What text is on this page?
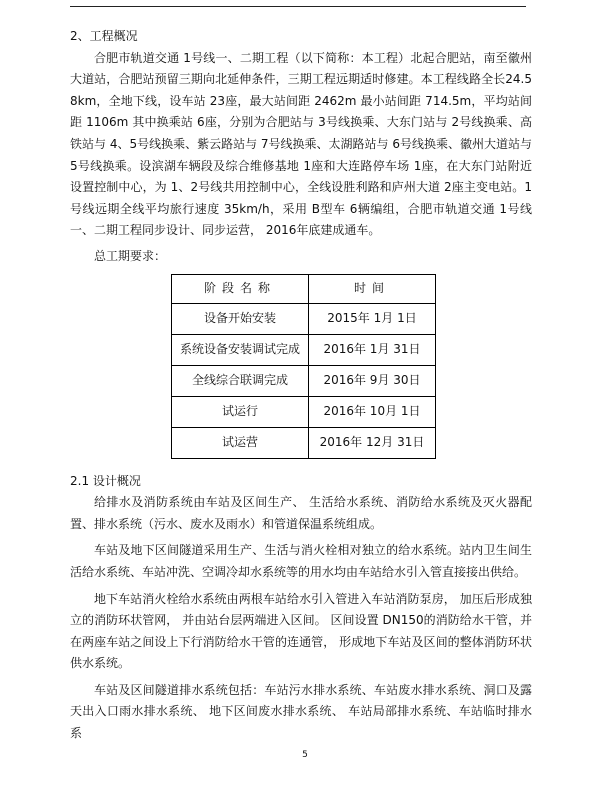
2、工程概况

合肥市轨道交通 1号线一、二期工程（以下简称：本工程）北起合肥站，南至徽州大道站，合肥站预留三期向北延伸条件，三期工程远期适时修建。本工程线路全长24.58km，全地下线，设车站 23座，最大站间距 2462m 最小站间距 714.5m，平均站间距 1106m 其中换乘站 6座，分别为合肥站与 3号线换乘、大东门站与 2号线换乘、高铁站与 4、5号线换乘、紫云路站与 7号线换乘、太湖路站与 6号线换乘、徽州大道站与 5号线换乘。设滨湖车辆段及综合维修基地 1座和大连路停车场 1座，在大东门站附近设置控制中心，为 1、2号线共用控制中心，全线设胜利路和庐州大道 2座主变电站。1号线远期全线平均旅行速度 35km/h，采用 B型车 6辆编组，合肥市轨道交通 1号线一、二期工程同步设计、同步运营， 2016年底建成通车。

总工期要求：

阶段名称	时间
设备开始安装	2015年 1月 1日
系统设备安装调试完成	2016年 1月 31日
全线综合联调完成	2016年 9月 30日
试运行	2016年 10月 1日
试运营	2016年 12月 31日

2.1 设计概况

给排水及消防系统由车站及区间生产、 生活给水系统、消防给水系统及灭火器配置、排水系统（污水、废水及雨水）和管道保温系统组成。

车站及地下区间隧道采用生产、生活与消火栓相对独立的给水系统。站内卫生间生活给水系统、车站冲洗、空调冷却水系统等的用水均由车站给水引入管直接接出供给。

地下车站消火栓给水系统由两根车站给水引入管进入车站消防泵房， 加压后形成独立的消防环状管网， 并由站台层两端进入区间。 区间设置 DN150的消防给水干管，并在两座车站之间设上下行消防给水干管的连通管， 形成地下车站及区间的整体消防环状供水系统。

车站及区间隧道排水系统包括：车站污水排水系统、车站废水排水系统、洞口及露天出入口雨水排水系统、 地下区间废水排水系统、 车站局部排水系统、车站临时排水系

5
